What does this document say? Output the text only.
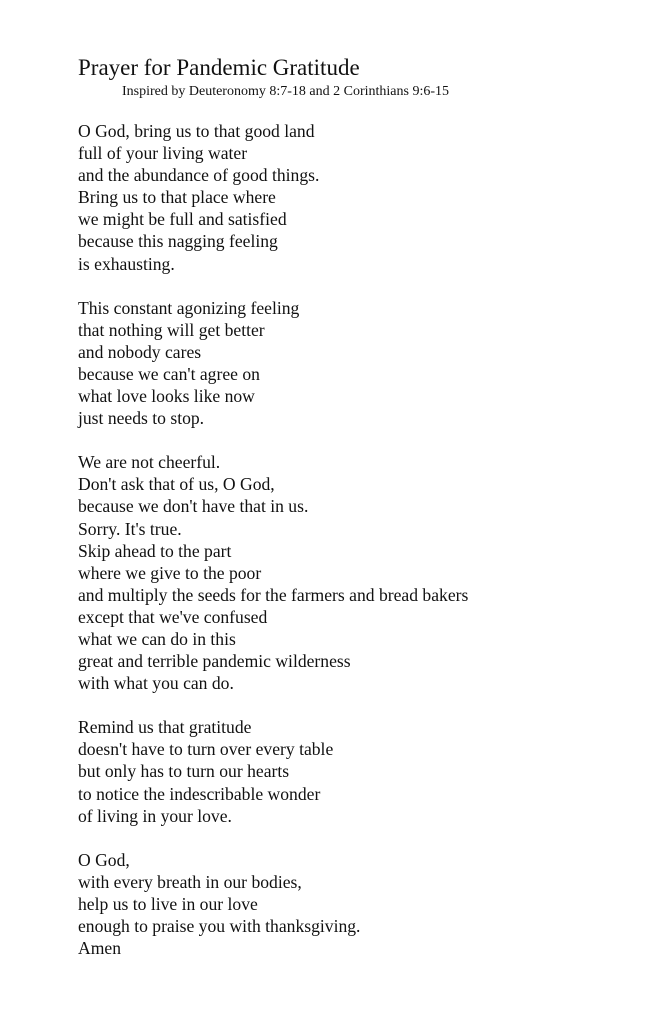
Prayer for Pandemic Gratitude
Inspired by Deuteronomy 8:7-18 and 2 Corinthians 9:6-15
O God, bring us to that good land
full of your living water
and the abundance of good things.
Bring us to that place where
we might be full and satisfied
because this nagging feeling
is exhausting.
This constant agonizing feeling
that nothing will get better
and nobody cares
because we can't agree on
what love looks like now
just needs to stop.
We are not cheerful.
Don't ask that of us, O God,
because we don't have that in us.
Sorry. It's true.
Skip ahead to the part
where we give to the poor
and multiply the seeds for the farmers and bread bakers
except that we've confused
what we can do in this
great and terrible pandemic wilderness
with what you can do.
Remind us that gratitude
doesn't have to turn over every table
but only has to turn our hearts
to notice the indescribable wonder
of living in your love.
O God,
with every breath in our bodies,
help us to live in our love
enough to praise you with thanksgiving.
Amen
